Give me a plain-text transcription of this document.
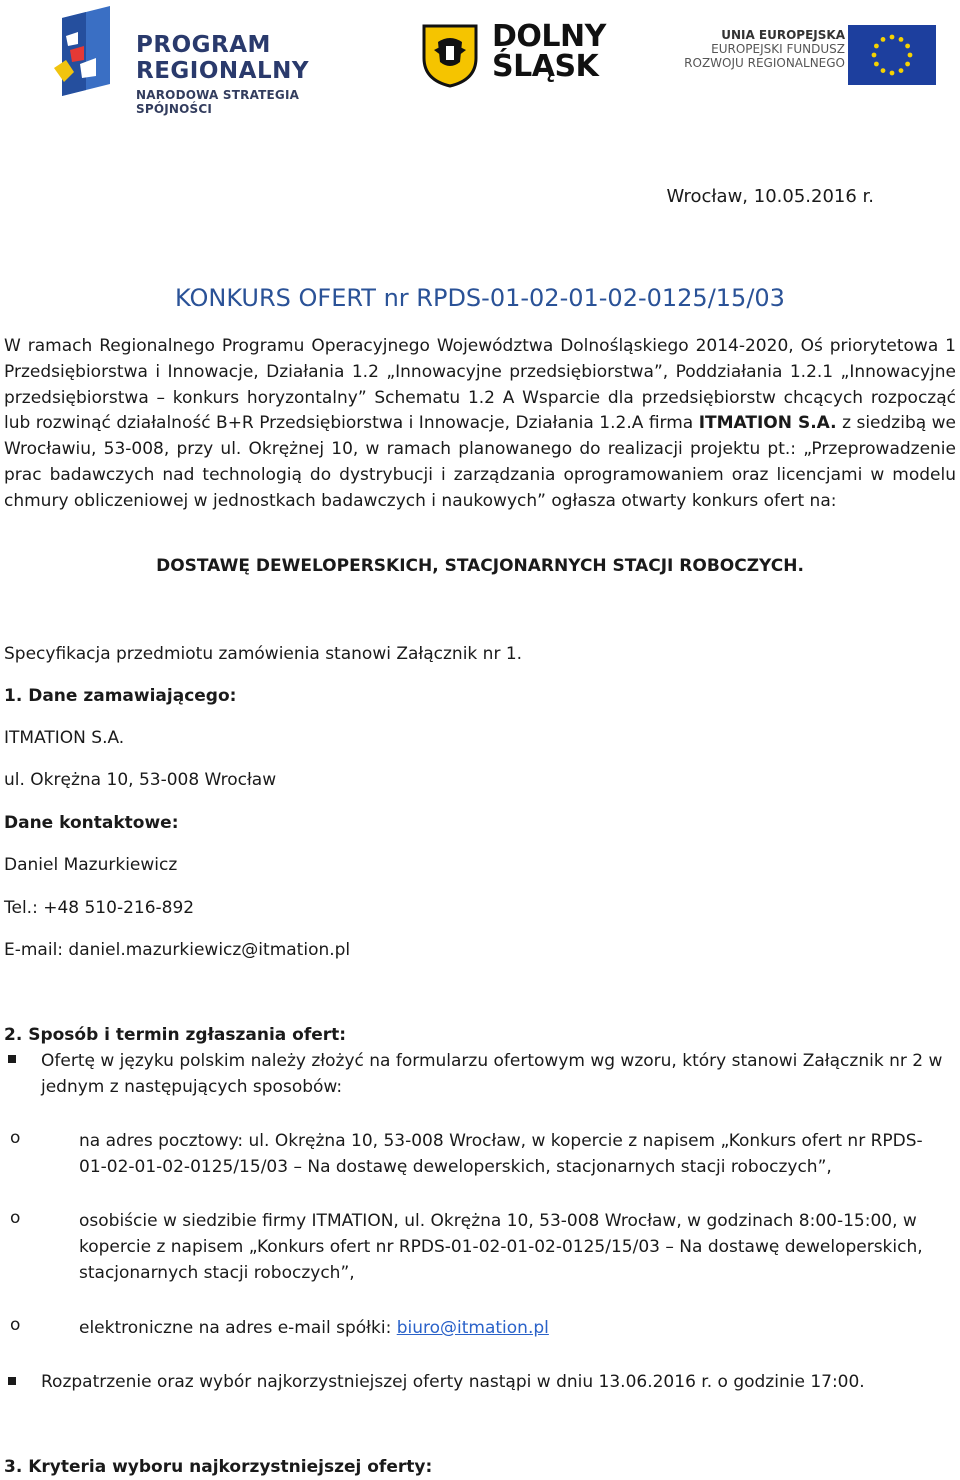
PROGRAM
REGIONALNY
NARODOWA STRATEGIA SPÓJNOŚCI
DOLNY
ŚLĄSK
UNIA EUROPEJSKA
EUROPEJSKI FUNDUSZ
ROZWOJU REGIONALNEGO
Wrocław, 10.05.2016 r.
KONKURS OFERT nr RPDS-01-02-01-02-0125/15/03

W ramach Regionalnego Programu Operacyjnego Województwa Dolnośląskiego 2014-2020, Oś priorytetowa 1 Przedsiębiorstwa i Innowacje, Działania 1.2 „Innowacyjne przedsiębiorstwa”, Poddziałania 1.2.1 „Innowacyjne przedsiębiorstwa – konkurs horyzontalny” Schematu 1.2 A Wsparcie dla przedsiębiorstw chcących rozpocząć lub rozwinąć działalność B+R Przedsiębiorstwa i Innowacje, Działania 1.2.A firma ITMATION S.A. z siedzibą we Wrocławiu, 53-008, przy ul. Okrężnej 10, w ramach planowanego do realizacji projektu pt.: „Przeprowadzenie prac badawczych nad technologią do dystrybucji i zarządzania oprogramowaniem oraz licencjami w modelu chmury obliczeniowej w jednostkach badawczych i naukowych” ogłasza otwarty konkurs ofert na:

DOSTAWĘ DEWELOPERSKICH, STACJONARNYCH STACJI ROBOCZYCH.
Specyfikacja przedmiotu zamówienia stanowi Załącznik nr 1.
1. Dane zamawiającego:
ITMATION S.A.
ul. Okrężna 10, 53-008 Wrocław
Dane kontaktowe:
Daniel Mazurkiewicz
Tel.: +48 510-216-892
E-mail: daniel.mazurkiewicz@itmation.pl
2. Sposób i termin zgłaszania ofert:

Ofertę w języku polskim należy złożyć na formularzu ofertowym wg wzoru, który stanowi Załącznik nr 2 w jednym z następujących sposobów:

o	na adres pocztowy: ul. Okrężna 10, 53-008 Wrocław, w kopercie z napisem „Konkurs ofert nr RPDS-01-02-01-02-0125/15/03 – Na dostawę deweloperskich, stacjonarnych stacji roboczych”,

o	osobiście w siedzibie firmy ITMATION, ul. Okrężna 10, 53-008 Wrocław, w godzinach 8:00-15:00, w kopercie z napisem „Konkurs ofert nr RPDS-01-02-01-02-0125/15/03 – Na dostawę deweloperskich, stacjonarnych stacji roboczych”,

o	elektroniczne na adres e-mail spółki: biuro@itmation.pl

Rozpatrzenie oraz wybór najkorzystniejszej oferty nastąpi w dniu 13.06.2016 r. o godzinie 17:00.

3. Kryteria wyboru najkorzystniejszej oferty:
